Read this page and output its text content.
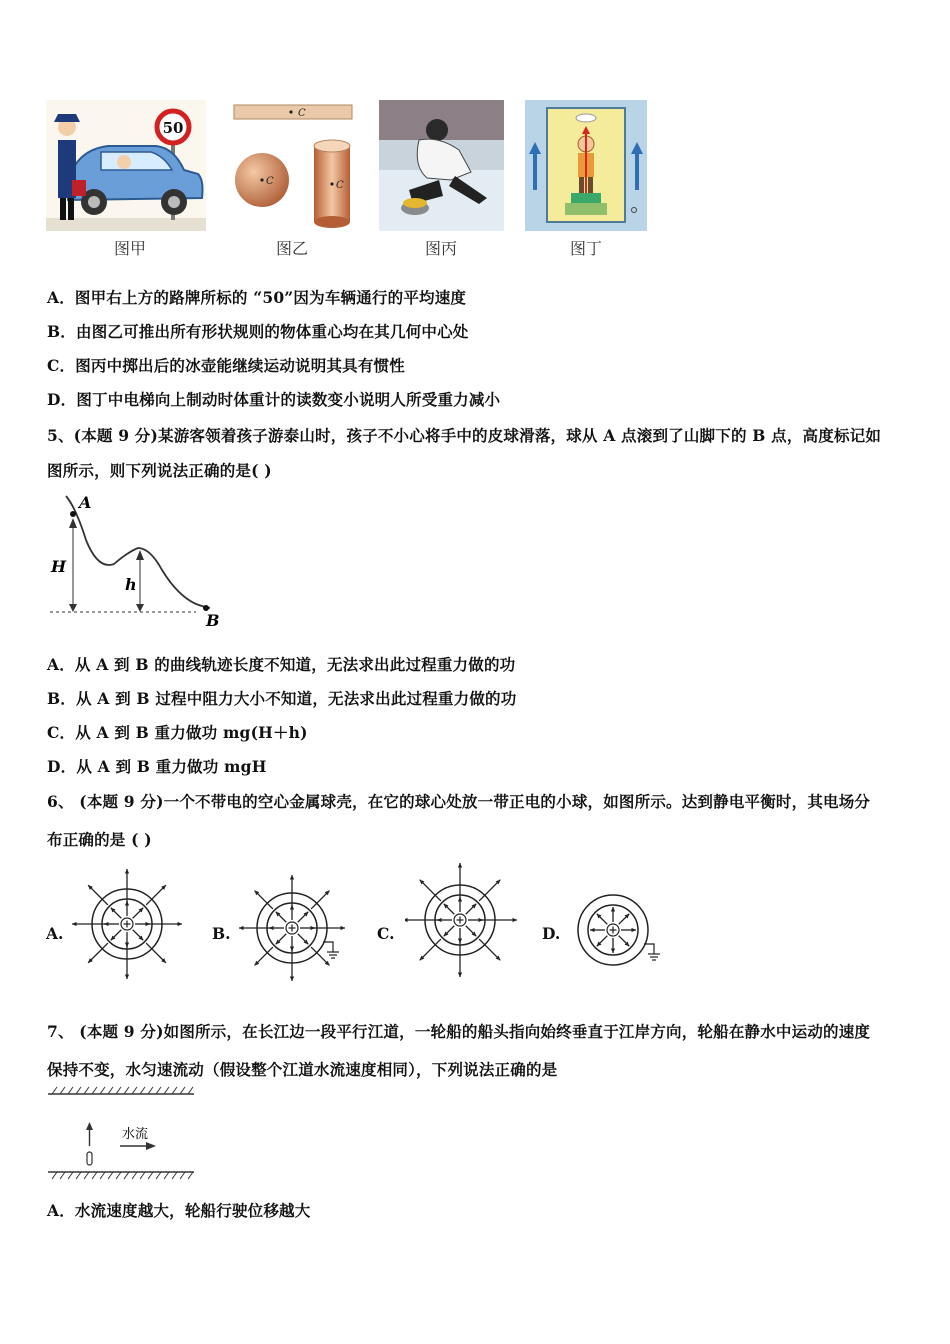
50
图甲
C
C	C
图乙	图丙	图丁
A．图甲右上方的路牌所标的 “50”因为车辆通行的平均速度
B．由图乙可推出所有形状规则的物体重心均在其几何中心处
C．图丙中掷出后的冰壶能继续运动说明其具有惯性
D．图丁中电梯向上制动时体重计的读数变小说明人所受重力减小
5、(本题 9 分)某游客领着孩子游泰山时，孩子不小心将手中的皮球滑落，球从 A 点滚到了山脚下的 B 点，高度标记如
图所示，则下列说法正确的是( )
A
B
H
h
A．从 A 到 B 的曲线轨迹长度不知道，无法求出此过程重力做的功
B．从 A 到 B 过程中阻力大小不知道，无法求出此过程重力做的功
C．从 A 到 B 重力做功 mg(H＋h)
D．从 A 到 B 重力做功 mgH
6、 (本题 9 分)一个不带电的空心金属球壳，在它的球心处放一带正电的小球，如图所示。达到静电平衡时，其电场分
布正确的是 ( )
A.	B.	C.	D.
7、 (本题 9 分)如图所示，在长江边一段平行江道，一轮船的船头指向始终垂直于江岸方向，轮船在静水中运动的速度
保持不变，水匀速流动（假设整个江道水流速度相同），下列说法正确的是
水流
A．水流速度越大，轮船行驶位移越大
